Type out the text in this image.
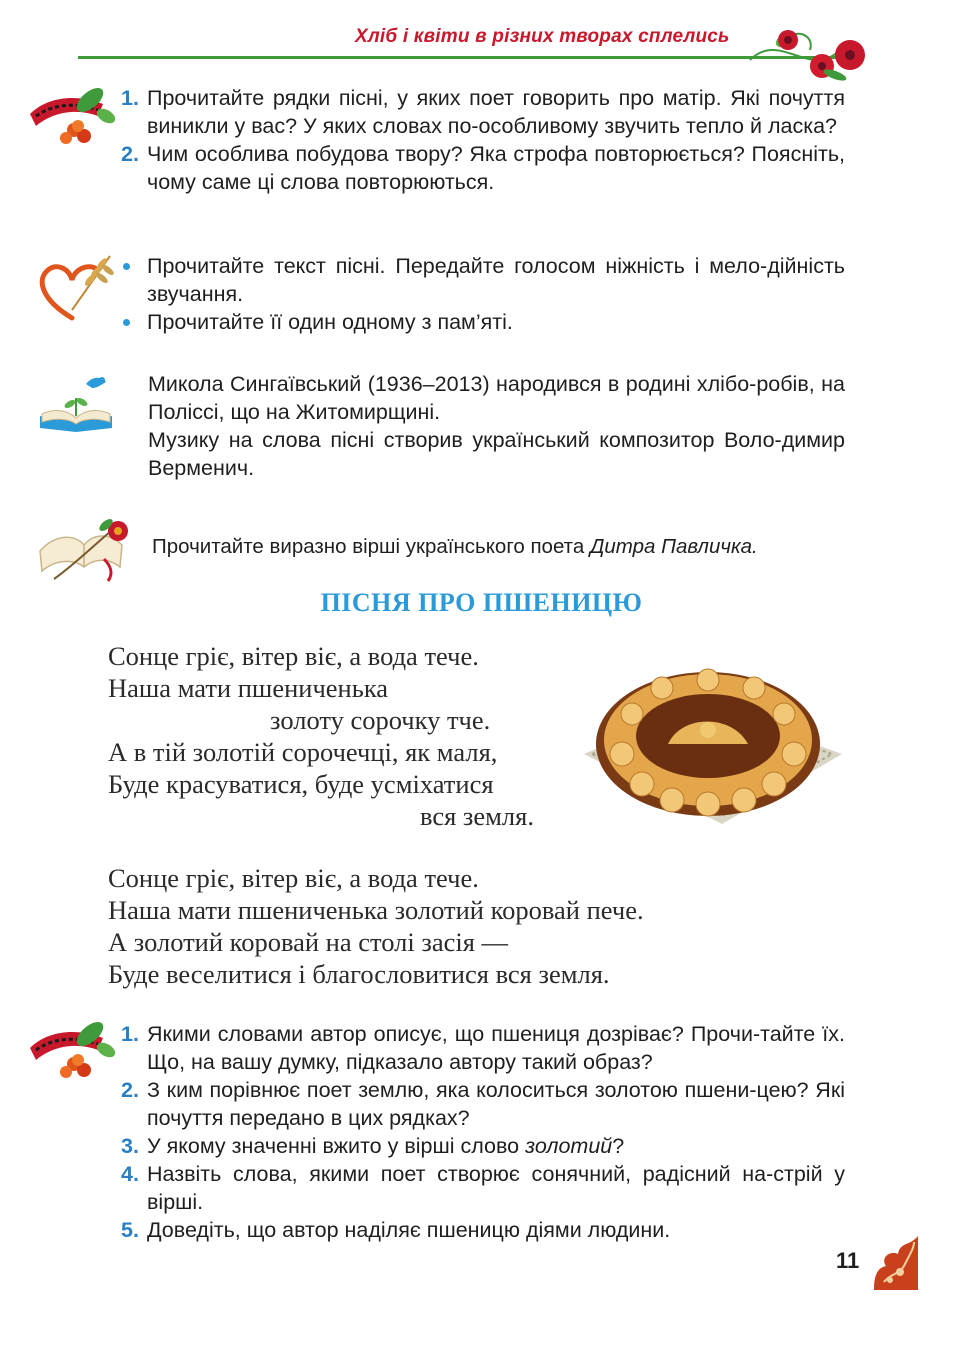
Хліб і квіти в різних творах сплелись
1. Прочитайте рядки пісні, у яких поет говорить про матір. Які почуття виникли у вас? У яких словах по-особливому звучить тепло й ласка?
2. Чим особлива побудова твору? Яка строфа повторюється? Поясніть, чому саме ці слова повторюються.
Прочитайте текст пісні. Передайте голосом ніжність і мело-дійність звучання.
Прочитайте її один одному з пам’яті.
Микола Сингаївський (1936–2013) народився в родині хлібо-робів, на Поліссі, що на Житомирщині.
Музику на слова пісні створив український композитор Воло-димир Верменич.
Прочитайте виразно вірші українського поета Дитра Павличка.
ПІСНЯ ПРО ПШЕНИЦЮ
Сонце гріє, вітер віє, а вода тече.
Наша мати пшениченька
золоту сорочку тче.
А в тій золотій сорочечці, як маля,
Буде красуватися, буде усміхатися
вся земля.
Сонце гріє, вітер віє, а вода тече.
Наша мати пшениченька золотий коровай пече.
А золотий коровай на столі засія —
Буде веселитися і благословитися вся земля.
1. Якими словами автор описує, що пшениця дозріває? Прочи-тайте їх. Що, на вашу думку, підказало автору такий образ?
2. З ким порівнює поет землю, яка колоситься золотою пшени-цею? Які почуття передано в цих рядках?
3. У якому значенні вжито у вірші слово золотий?
4. Назвіть слова, якими поет створює сонячний, радісний на-стрій у вірші.
5. Доведіть, що автор наділяє пшеницю діями людини.
11
